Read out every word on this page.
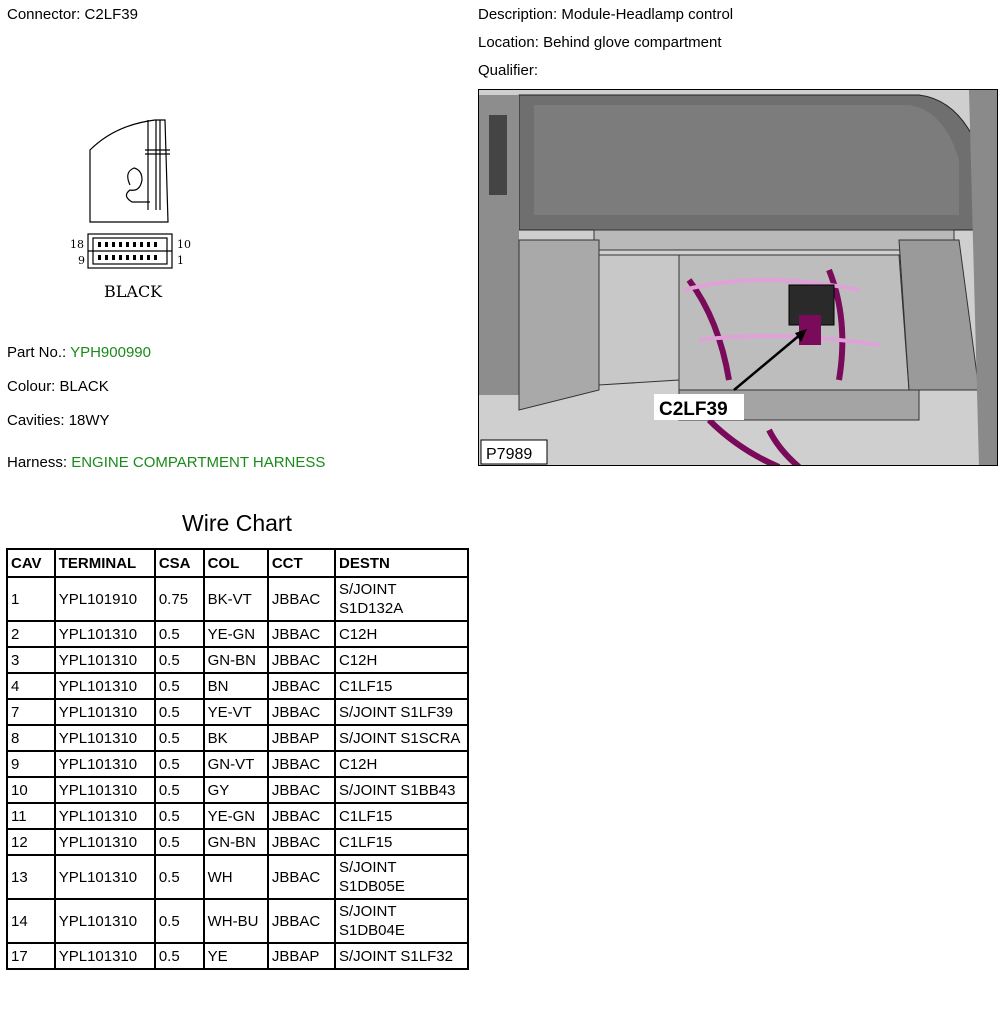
Connector: C2LF39	Description: Module-Headlamp control
Location: Behind glove compartment
Qualifier:
18	10
9	1
BLACK
Part No.: YPH900990
Colour: BLACK
Cavities: 18WY
Harness: ENGINE COMPARTMENT HARNESS
C2LF39
P7989
Wire Chart
CAV	TERMINAL	CSA	COL	CCT	DESTN
1	YPL101910	0.75	BK-VT	JBBAC	S/JOINT S1D132A
2	YPL101310	0.5	YE-GN	JBBAC	C12H
3	YPL101310	0.5	GN-BN	JBBAC	C12H
4	YPL101310	0.5	BN	JBBAC	C1LF15
7	YPL101310	0.5	YE-VT	JBBAC	S/JOINT S1LF39
8	YPL101310	0.5	BK	JBBAP	S/JOINT S1SCRA
9	YPL101310	0.5	GN-VT	JBBAC	C12H
10	YPL101310	0.5	GY	JBBAC	S/JOINT S1BB43
11	YPL101310	0.5	YE-GN	JBBAC	C1LF15
12	YPL101310	0.5	GN-BN	JBBAC	C1LF15
13	YPL101310	0.5	WH	JBBAC	S/JOINT S1DB05E
14	YPL101310	0.5	WH-BU	JBBAC	S/JOINT S1DB04E
17	YPL101310	0.5	YE	JBBAP	S/JOINT S1LF32
